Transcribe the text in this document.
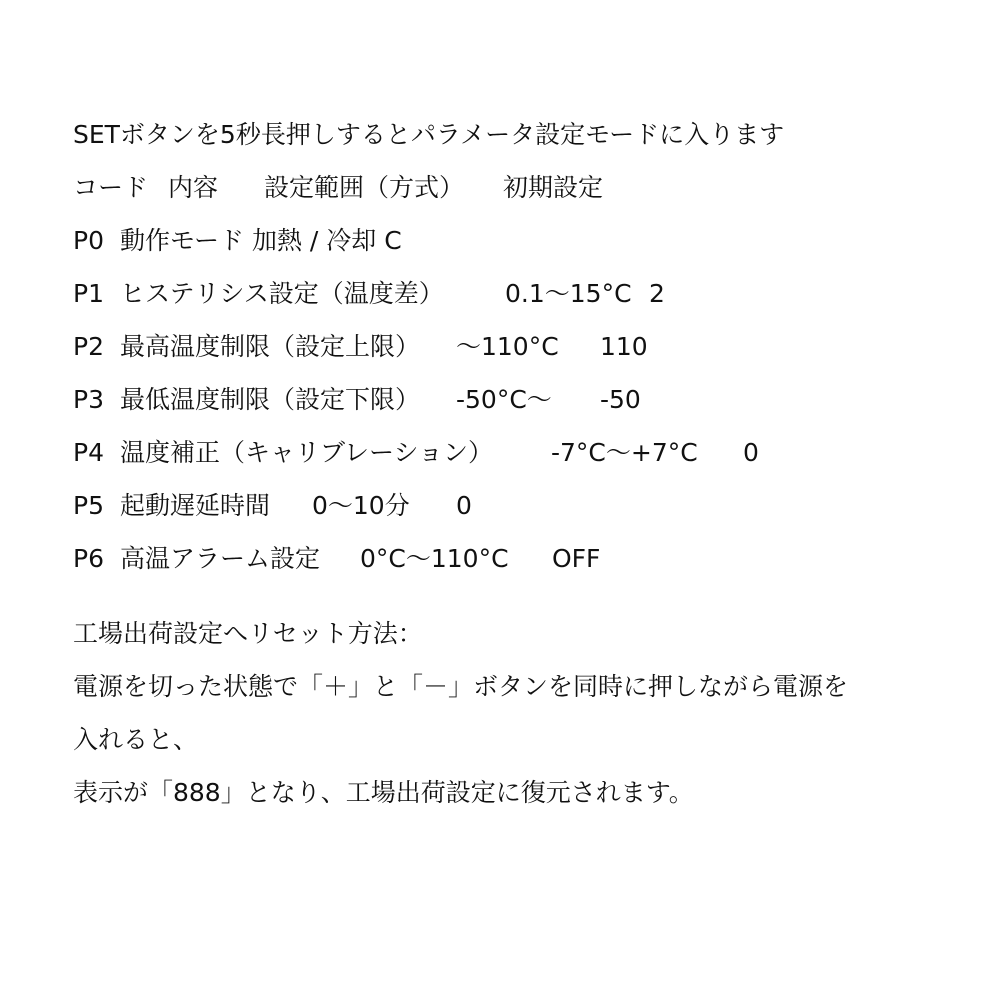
SETボタンを5秒長押しするとパラメータ設定モードに入ります
コード 内容 設定範囲（方式） 初期設定
P0 動作モード 加熱 / 冷却 C
P1 ヒステリシス設定（温度差） 0.1～15°C 2
P2 最高温度制限（設定上限） ～110°C 110
P3 最低温度制限（設定下限） -50°C～ -50
P4 温度補正（キャリブレーション） -7°C～+7°C 0
P5 起動遅延時間 0～10分 0
P6 高温アラーム設定 0°C～110°C OFF
工場出荷設定へリセット方法：
電源を切った状態で「＋」と「－」ボタンを同時に押しながら電源を
入れると、
表示が「888」となり、工場出荷設定に復元されます。
